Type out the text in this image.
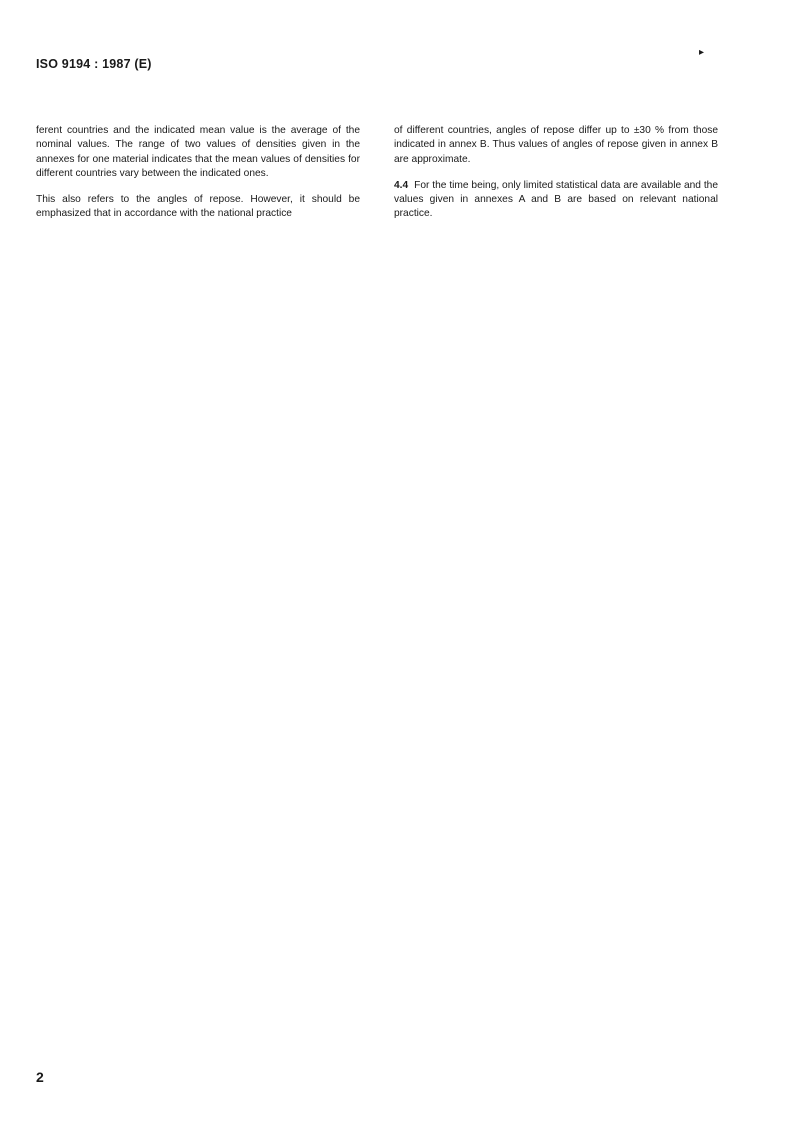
ISO 9194 : 1987 (E)
▸

ferent countries and the indicated mean value is the average of the nominal values. The range of two values of densities given in the annexes for one material indicates that the mean values of densities for different countries vary between the indicated ones.

This also refers to the angles of repose. However, it should be emphasized that in accordance with the national practice

of different countries, angles of repose differ up to ±30 % from those indicated in annex B. Thus values of angles of repose given in annex B are approximate.

4.4 For the time being, only limited statistical data are available and the values given in annexes A and B are based on relevant national practice.

2
